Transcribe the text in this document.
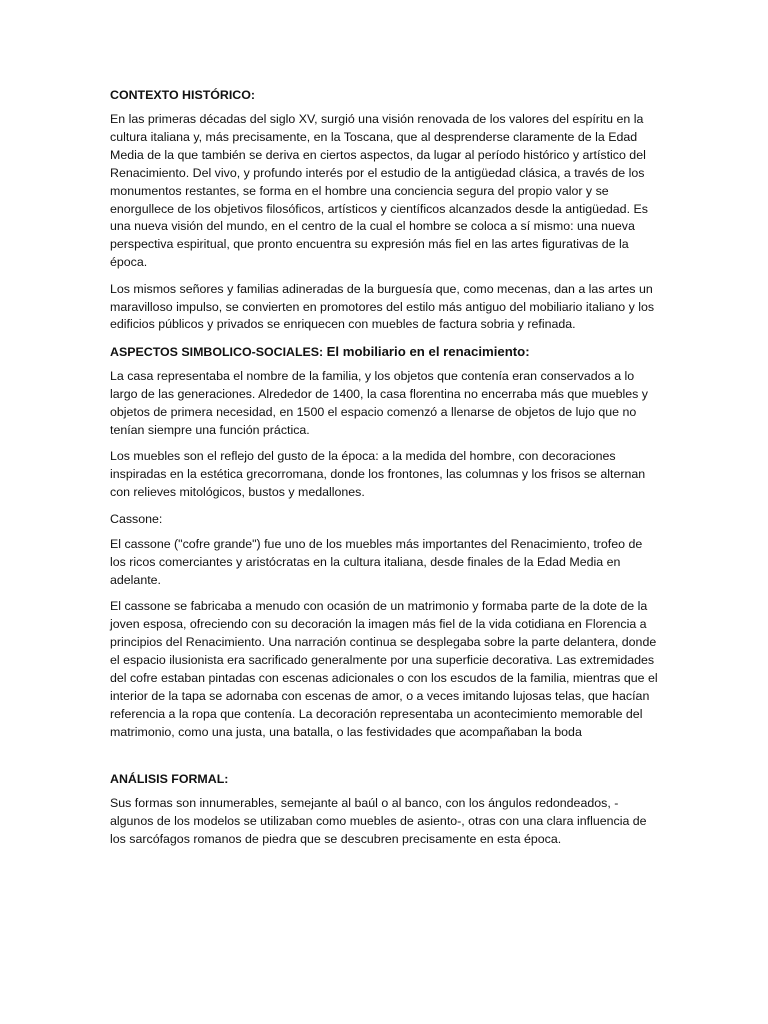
CONTEXTO HISTÓRICO:

En las primeras décadas del siglo XV, surgió una visión renovada de los valores del espíritu en la cultura italiana y, más precisamente, en la Toscana, que al desprenderse claramente de la Edad Media de la que también se deriva en ciertos aspectos, da lugar al período histórico y artístico del Renacimiento. Del vivo, y profundo interés por el estudio de la antigüedad clásica, a través de los monumentos restantes, se forma en el hombre una conciencia segura del propio valor y se enorgullece de los objetivos filosóficos, artísticos y científicos alcanzados desde la antigüedad. Es una nueva visión del mundo, en el centro de la cual el hombre se coloca a sí mismo: una nueva perspectiva espiritual, que pronto encuentra su expresión más fiel en las artes figurativas de la época.

Los mismos señores y familias adineradas de la burguesía que, como mecenas, dan a las artes un maravilloso impulso, se convierten en promotores del estilo más antiguo del mobiliario italiano y los edificios públicos y privados se enriquecen con muebles de factura sobria y refinada.

ASPECTOS SIMBOLICO-SOCIALES: El mobiliario en el renacimiento:

La casa representaba el nombre de la familia, y los objetos que contenía eran conservados a lo largo de las generaciones. Alrededor de 1400, la casa florentina no encerraba más que muebles y objetos de primera necesidad, en 1500 el espacio comenzó a llenarse de objetos de lujo que no tenían siempre una función práctica.

Los muebles son el reflejo del gusto de la época: a la medida del hombre, con decoraciones inspiradas en la estética grecorromana, donde los frontones, las columnas y los frisos se alternan con relieves mitológicos, bustos y medallones.

Cassone:

El cassone ("cofre grande") fue uno de los muebles más importantes del Renacimiento, trofeo de los ricos comerciantes y aristócratas en la cultura italiana, desde finales de la Edad Media en adelante.

El cassone se fabricaba a menudo con ocasión de un matrimonio y formaba parte de la dote de la joven esposa, ofreciendo con su decoración la imagen más fiel de la vida cotidiana en Florencia a principios del Renacimiento. Una narración continua se desplegaba sobre la parte delantera, donde el espacio ilusionista era sacrificado generalmente por una superficie decorativa. Las extremidades del cofre estaban pintadas con escenas adicionales o con los escudos de la familia, mientras que el interior de la tapa se adornaba con escenas de amor, o a veces imitando lujosas telas, que hacían referencia a la ropa que contenía. La decoración representaba un acontecimiento memorable del matrimonio, como una justa, una batalla, o las festividades que acompañaban la boda

ANÁLISIS FORMAL:

Sus formas son innumerables, semejante al baúl o al banco, con los ángulos redondeados, -algunos de los modelos se utilizaban como muebles de asiento-, otras con una clara influencia de los sarcófagos romanos de piedra que se descubren precisamente en esta época.
